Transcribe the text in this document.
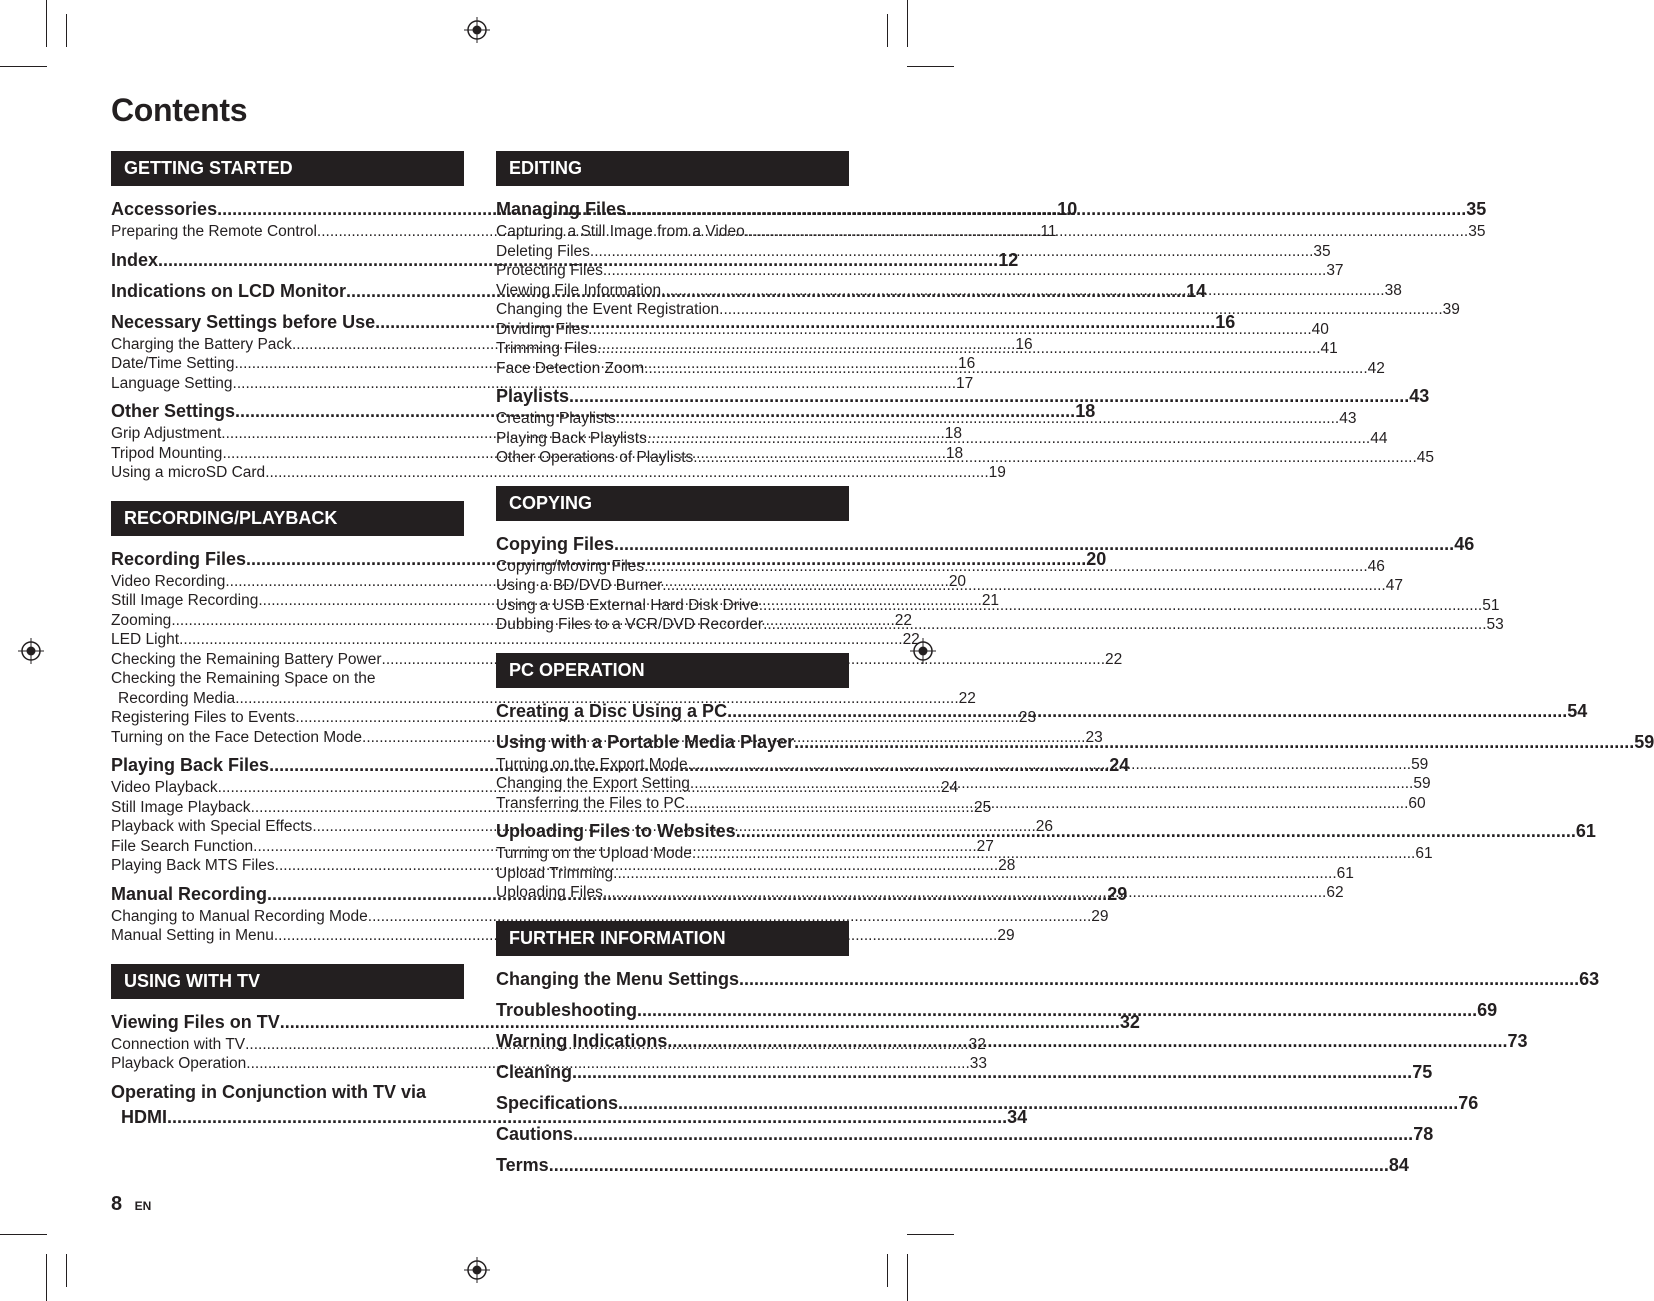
Contents
GETTING STARTED
Accessories .....	10
Preparing the Remote Control .....	11
Index .....	12
Indications on LCD Monitor .....	14
Necessary Settings before Use .....	16
Charging the Battery Pack .....	16
Date/Time Setting .....	16
Language Setting .....	17
Other Settings .....	18
Grip Adjustment .....	18
Tripod Mounting .....	18
Using a microSD Card .....	19
RECORDING/PLAYBACK
Recording Files .....	20
Video Recording .....	20
Still Image Recording .....	21
Zooming .....	22
LED Light .....	22
Checking the Remaining Battery Power .....	22
Checking the Remaining Space on the
Recording Media .....	22
Registering Files to Events .....	23
Turning on the Face Detection Mode .....	23
Playing Back Files .....	24
Video Playback .....	24
Still Image Playback .....	25
Playback with Special Effects .....	26
File Search Function .....	27
Playing Back MTS Files .....	28
Manual Recording .....	29
Changing to Manual Recording Mode .....	29
Manual Setting in Menu .....	29
USING WITH TV
Viewing Files on TV .....	32
Connection with TV .....	32
Playback Operation .....	33
Operating in Conjunction with TV via
HDMI .....	34
EDITING
Managing Files .....	35
Capturing a Still Image from a Video .....	35
Deleting Files .....	35
Protecting Files .....	37
Viewing File Information .....	38
Changing the Event Registration .....	39
Dividing Files .....	40
Trimming Files .....	41
Face Detection Zoom .....	42
Playlists .....	43
Creating Playlists .....	43
Playing Back Playlists .....	44
Other Operations of Playlists .....	45
COPYING
Copying Files .....	46
Copying/Moving Files .....	46
Using a BD/DVD Burner .....	47
Using a USB External Hard Disk Drive .....	51
Dubbing Files to a VCR/DVD Recorder .....	53
PC OPERATION
Creating a Disc Using a PC .....	54
Using with a Portable Media Player .....	59
Turning on the Export Mode .....	59
Changing the Export Setting .....	59
Transferring the Files to PC .....	60
Uploading Files to Websites .....	61
Turning on the Upload Mode .....	61
Upload Trimming .....	61
Uploading Files .....	62
FURTHER INFORMATION
Changing the Menu Settings .....	63
Troubleshooting .....	69
Warning Indications .....	73
Cleaning .....	75
Specifications .....	76
Cautions .....	78
Terms .....	84
8 EN
